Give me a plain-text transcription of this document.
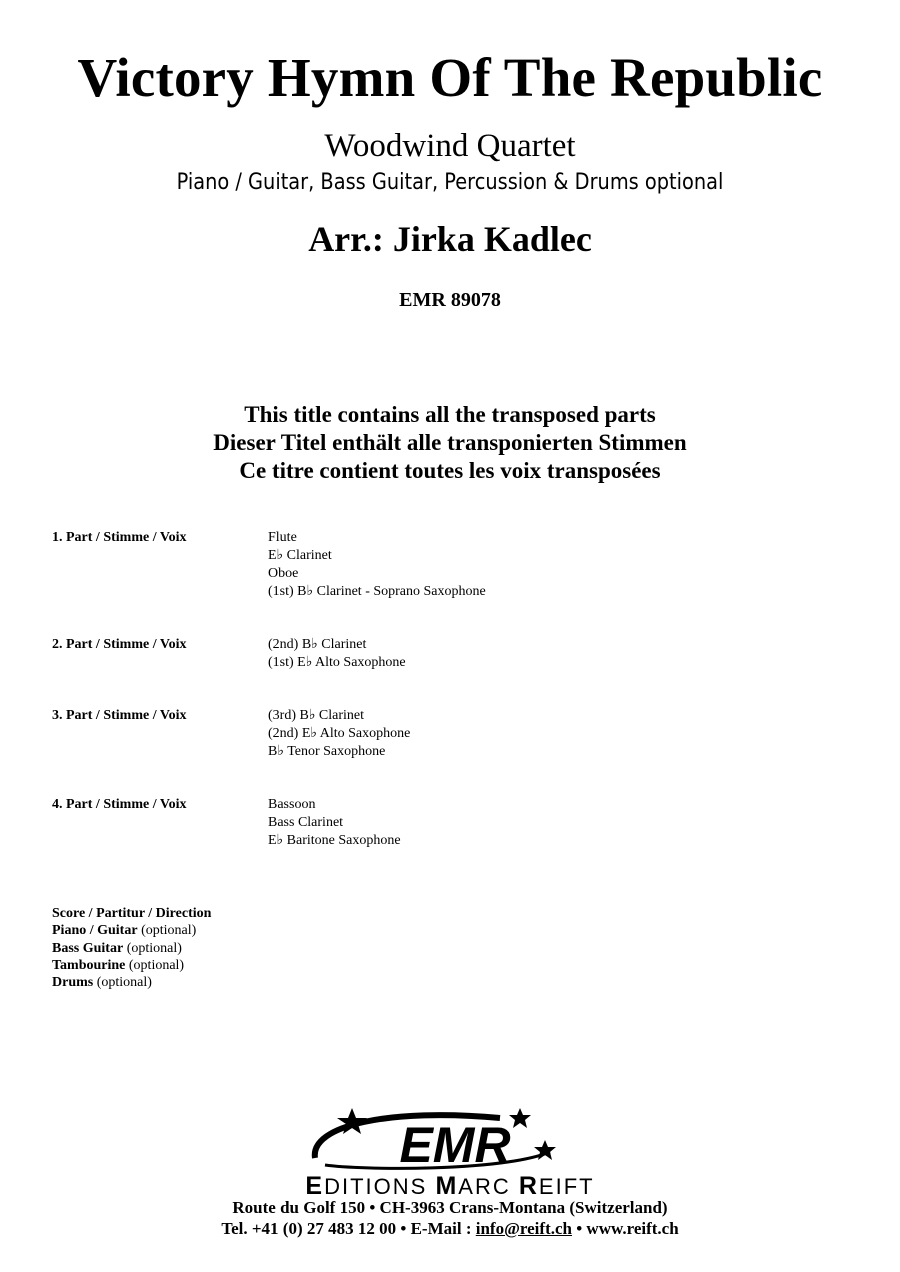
Victory Hymn Of The Republic
Woodwind Quartet
Piano / Guitar, Bass Guitar, Percussion & Drums optional
Arr.: Jirka Kadlec
EMR 89078
This title contains all the transposed parts
Dieser Titel enthält alle transponierten Stimmen
Ce titre contient toutes les voix transposées
1. Part / Stimme / Voix	Flute
E♭ Clarinet
Oboe
(1st) B♭ Clarinet - Soprano Saxophone
2. Part / Stimme / Voix	(2nd) B♭ Clarinet
(1st) E♭ Alto Saxophone
3. Part / Stimme / Voix	(3rd) B♭ Clarinet
(2nd) E♭ Alto Saxophone
B♭ Tenor Saxophone
4. Part / Stimme / Voix	Bassoon
Bass Clarinet
E♭ Baritone Saxophone
Score / Partitur / Direction
Piano / Guitar (optional)
Bass Guitar (optional)
Tambourine (optional)
Drums (optional)
EMR
EDITIONS MARC REIFT
Route du Golf 150 • CH-3963 Crans-Montana (Switzerland)
Tel. +41 (0) 27 483 12 00 • E-Mail : info@reift.ch • www.reift.ch
